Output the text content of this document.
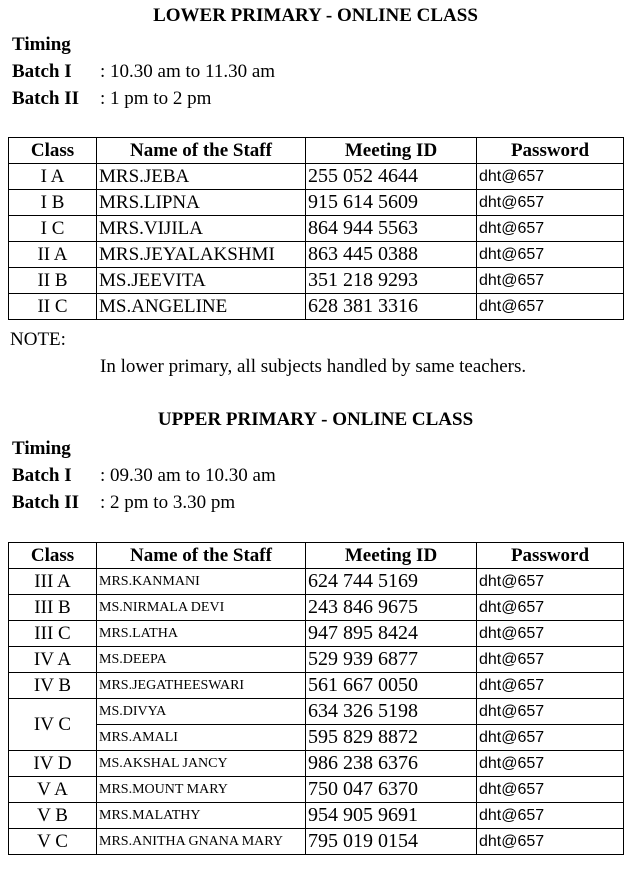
LOWER PRIMARY - ONLINE CLASS
Timing
Batch I	: 10.30 am to 11.30 am
Batch II	: 1 pm to 2 pm
Class	Name of the Staff	Meeting ID	Password
I A	MRS.JEBA	255 052 4644	dht@657
I B	MRS.LIPNA	915 614 5609	dht@657
I C	MRS.VIJILA	864 944 5563	dht@657
II A	MRS.JEYALAKSHMI	863 445 0388	dht@657
II B	MS.JEEVITA	351 218 9293	dht@657
II C	MS.ANGELINE	628 381 3316	dht@657
NOTE:
In lower primary, all subjects handled by same teachers.
UPPER PRIMARY - ONLINE CLASS
Timing
Batch I	: 09.30 am to 10.30 am
Batch II	: 2 pm to 3.30 pm
Class	Name of the Staff	Meeting ID	Password
III A	MRS.KANMANI	624 744 5169	dht@657
III B	MS.NIRMALA DEVI	243 846 9675	dht@657
III C	MRS.LATHA	947 895 8424	dht@657
IV A	MS.DEEPA	529 939 6877	dht@657
IV B	MRS.JEGATHEESWARI	561 667 0050	dht@657
IV C	MS.DIVYA	634 326 5198	dht@657
	MRS.AMALI	595 829 8872	dht@657
IV D	MS.AKSHAL JANCY	986 238 6376	dht@657
V A	MRS.MOUNT MARY	750 047 6370	dht@657
V B	MRS.MALATHY	954 905 9691	dht@657
V C	MRS.ANITHA GNANA MARY	795 019 0154	dht@657
